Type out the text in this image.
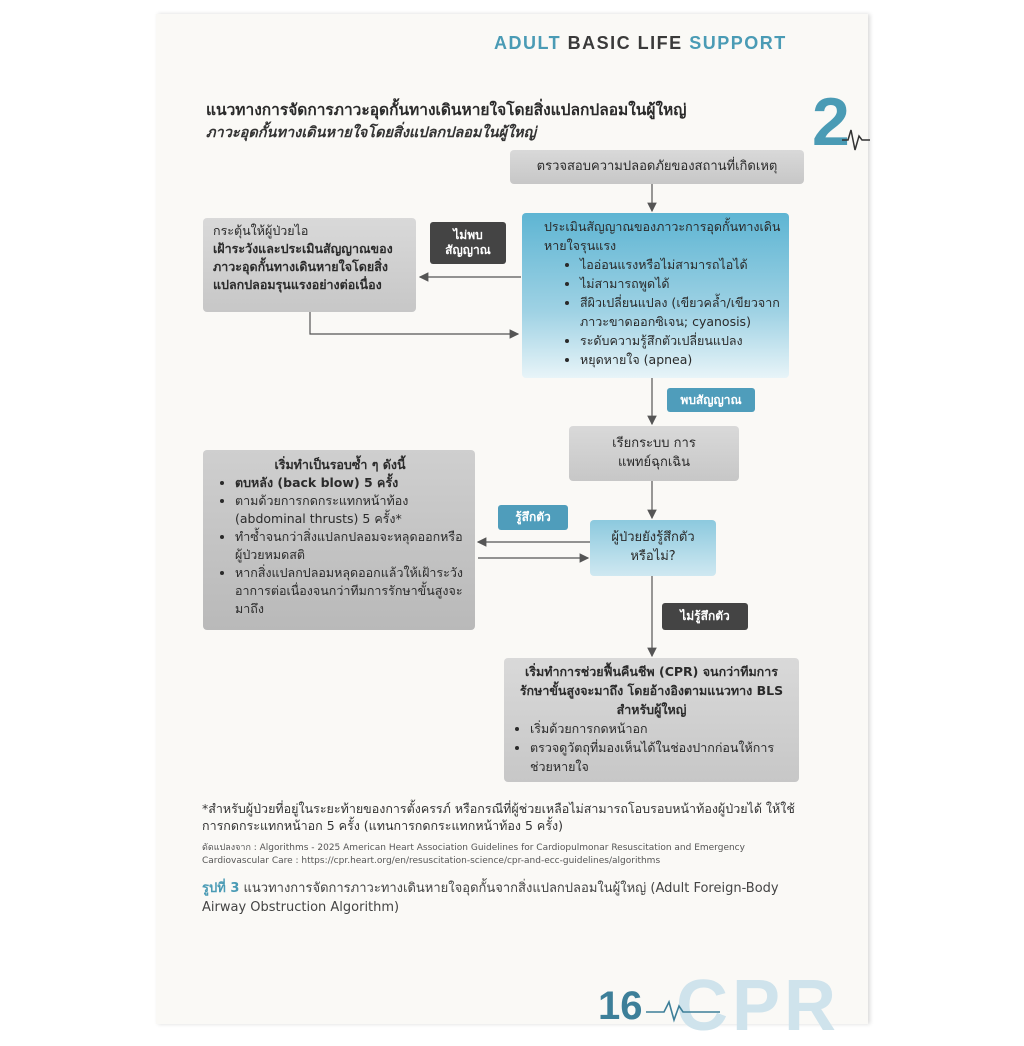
ADULT BASIC LIFE SUPPORT
2
แนวทางการจัดการภาวะอุดกั้นทางเดินหายใจโดยสิ่งแปลกปลอมในผู้ใหญ่
ภาวะอุดกั้นทางเดินหายใจโดยสิ่งแปลกปลอมในผู้ใหญ่
ตรวจสอบความปลอดภัยของสถานที่เกิดเหตุ
ประเมินสัญญาณของภาวะการอุดกั้นทางเดินหายใจรุนแรง
• ไออ่อนแรงหรือไม่สามารถไอได้
• ไม่สามารถพูดได้
• สีผิวเปลี่ยนแปลง (เขียวคล้ำ/เขียวจากภาวะขาดออกซิเจน; cyanosis)
• ระดับความรู้สึกตัวเปลี่ยนแปลง
• หยุดหายใจ (apnea)
ไม่พบ สัญญาณ
กระตุ้นให้ผู้ป่วยไอ
เฝ้าระวังและประเมินสัญญาณของภาวะอุดกั้นทางเดินหายใจโดยสิ่งแปลกปลอมรุนแรงอย่างต่อเนื่อง
พบสัญญาณ
เรียกระบบ การแพทย์ฉุกเฉิน
เริ่มทำเป็นรอบซ้ำ ๆ ดังนี้
• ตบหลัง (back blow) 5 ครั้ง
• ตามด้วยการกดกระแทกหน้าท้อง (abdominal thrusts) 5 ครั้ง*
• ทำซ้ำจนกว่าสิ่งแปลกปลอมจะหลุดออกหรือผู้ป่วยหมดสติ
• หากสิ่งแปลกปลอมหลุดออกแล้วให้เฝ้าระวังอาการต่อเนื่องจนกว่าทีมการรักษาขั้นสูงจะมาถึง
รู้สึกตัว
ผู้ป่วยยังรู้สึกตัว หรือไม่?
ไม่รู้สึกตัว
เริ่มทำการช่วยฟื้นคืนชีพ (CPR) จนกว่าทีมการรักษาขั้นสูงจะมาถึง โดยอ้างอิงตามแนวทาง BLS สำหรับผู้ใหญ่
• เริ่มด้วยการกดหน้าอก
• ตรวจดูวัตถุที่มองเห็นได้ในช่องปากก่อนให้การช่วยหายใจ
*สำหรับผู้ป่วยที่อยู่ในระยะท้ายของการตั้งครรภ์ หรือกรณีที่ผู้ช่วยเหลือไม่สามารถโอบรอบหน้าท้องผู้ป่วยได้ ให้ใช้การกดกระแทกหน้าอก 5 ครั้ง (แทนการกดกระแทกหน้าท้อง 5 ครั้ง)
ดัดแปลงจาก : Algorithms - 2025 American Heart Association Guidelines for Cardiopulmonar Resuscitation and Emergency Cardiovascular Care : https://cpr.heart.org/en/resuscitation-science/cpr-and-ecc-guidelines/algorithms
รูปที่ 3 แนวทางการจัดการภาวะทางเดินหายใจอุดกั้นจากสิ่งแปลกปลอมในผู้ใหญ่ (Adult Foreign-Body Airway Obstruction Algorithm)
CPR
16
